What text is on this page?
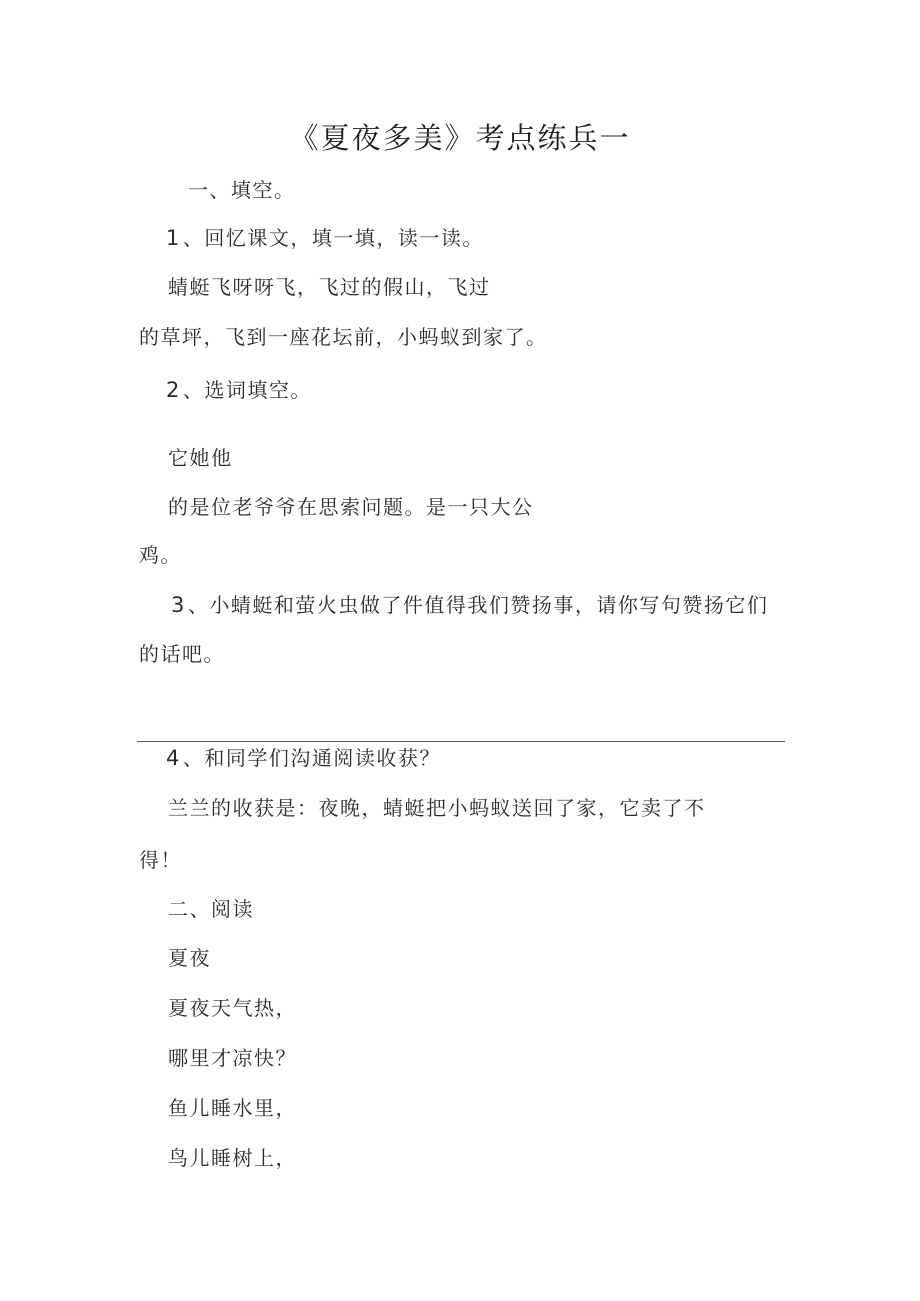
《夏夜多美》考点练兵一
一、填空。
1 、回忆课文，填一填，读一读。
蜻蜓飞呀呀飞，飞过的假山，飞过
的草坪，飞到一座花坛前，小蚂蚁到家了。
2 、选词填空。
它她他
的是位老爷爷在思索问题。是一只大公
鸡。
3 、小蜻蜓和萤火虫做了件值得我们赞扬事，请你写句赞扬它们
的话吧。
4 、和同学们沟通阅读收获？
兰兰的收获是：夜晚，蜻蜓把小蚂蚁送回了家，它卖了不
得！
二、阅读
夏夜
夏夜天气热，
哪里才凉快？
鱼儿睡水里，
鸟儿睡树上，
